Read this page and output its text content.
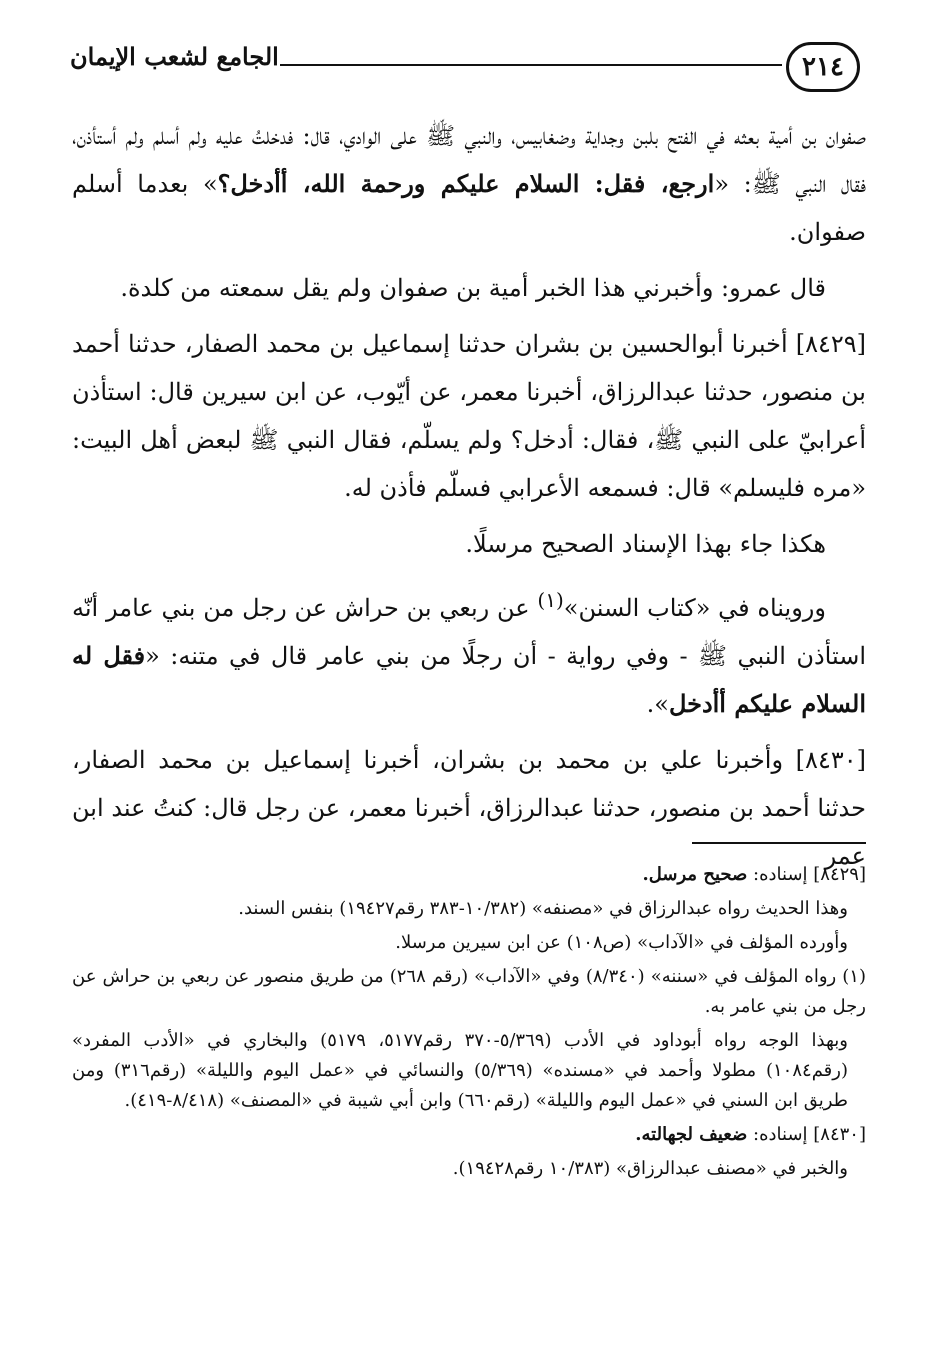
٢١٤
الجامع لشعب الإيمان

صفوان بن أمية بعثه في الفتح بلبن وجداية وضغابيس، والنبي ﷺ على الوادي، قال: فدخلتُ عليه ولم أسلم ولم أستأذن، فقال النبي ﷺ: «ارجع، فقل: السلام عليكم ورحمة الله، أأدخل؟» بعدما أسلم صفوان.

قال عمرو: وأخبرني هذا الخبر أمية بن صفوان ولم يقل سمعته من كلدة.

[٨٤٢٩] أخبرنا أبوالحسين بن بشران حدثنا إسماعيل بن محمد الصفار، حدثنا أحمد بن منصور، حدثنا عبدالرزاق، أخبرنا معمر، عن أيّوب، عن ابن سيرين قال: استأذن أعرابيّ على النبي ﷺ، فقال: أدخل؟ ولم يسلّم، فقال النبي ﷺ لبعض أهل البيت: «مره فليسلم» قال: فسمعه الأعرابي فسلّم فأذن له.

هكذا جاء بهذا الإسناد الصحيح مرسلًا.

ورويناه في «كتاب السنن»$^{(١)}$ عن ربعي بن حراش عن رجل من بني عامر أنّه استأذن النبي ﷺ - وفي رواية - أن رجلًا من بني عامر قال في متنه: «فقل له السلام عليكم أأدخل».

[٨٤٣٠] وأخبرنا علي بن محمد بن بشران، أخبرنا إسماعيل بن محمد الصفار، حدثنا أحمد بن منصور، حدثنا عبدالرزاق، أخبرنا معمر، عن رجل قال: كنتُ عند ابن عمر

[٨٤٢٩] إسناده: صحيح مرسل.

وهذا الحديث رواه عبدالرزاق في «مصنفه» (١٠/٣٨٢-٣٨٣ رقم١٩٤٢٧) بنفس السند.

وأورده المؤلف في «الآداب» (ص١٠٨) عن ابن سيرين مرسلا.

(١) رواه المؤلف في «سننه» (٨/٣٤٠) وفي «الآداب» (رقم ٢٦٨) من طريق منصور عن ربعي بن حراش عن رجل من بني عامر به.

وبهذا الوجه رواه أبوداود في الأدب (٥/٣٦٩-٣٧٠ رقم٥١٧٧، ٥١٧٩) والبخاري في «الأدب المفرد» (رقم١٠٨٤) مطولا وأحمد في «مسنده» (٥/٣٦٩) والنسائي في «عمل اليوم والليلة» (رقم٣١٦) ومن طريق ابن السني في «عمل اليوم والليلة» (رقم٦٦٠) وابن أبي شيبة في «المصنف» (٨/٤١٨-٤١٩).

[٨٤٣٠] إسناده: ضعيف لجهالته.

والخبر في «مصنف عبدالرزاق» (١٠/٣٨٣ رقم١٩٤٢٨).
